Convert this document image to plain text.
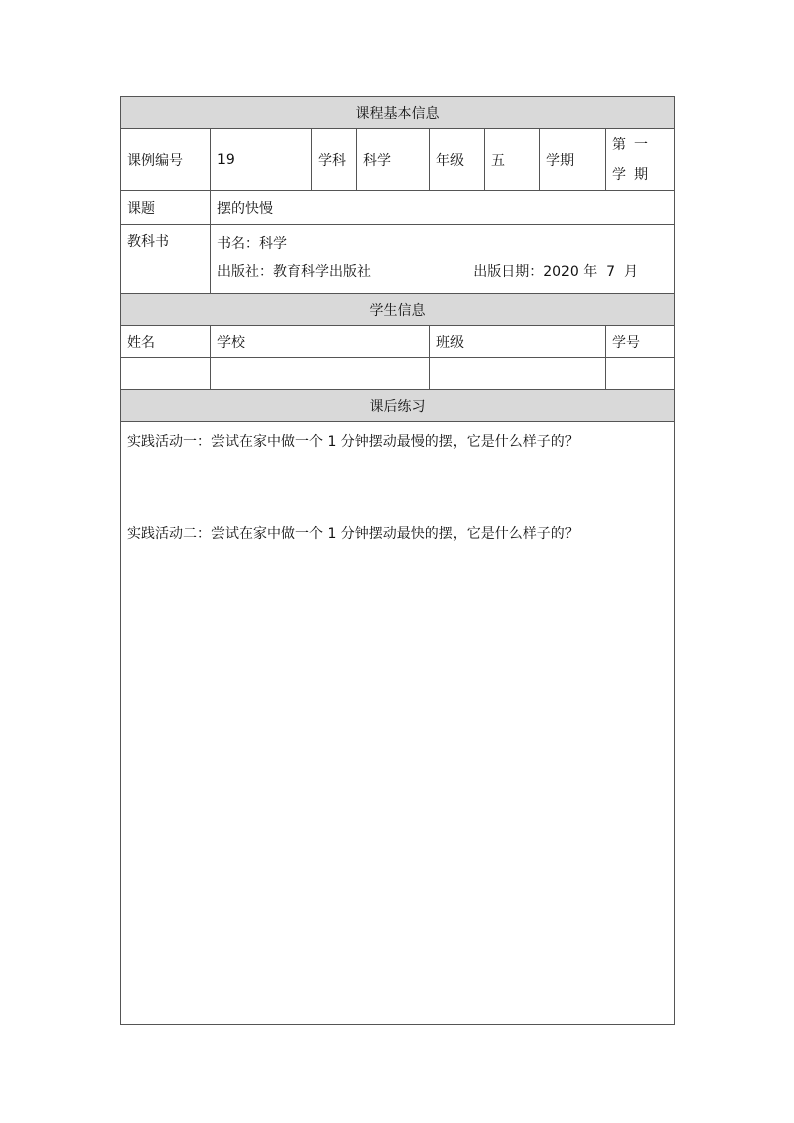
课程基本信息							
课例编号	19	学科	科学	年级	五	学期	第一学期
课题	摆的快慢						
教科书	书名：科学
出版社：教育科学出版社 出版日期：2020 年  7  月						

学生信息							
姓名	学校			班级			学号

课后练习							

实践活动一：尝试在家中做一个 1 分钟摆动最慢的摆，它是什么样子的？
实践活动二：尝试在家中做一个 1 分钟摆动最快的摆，它是什么样子的？							
